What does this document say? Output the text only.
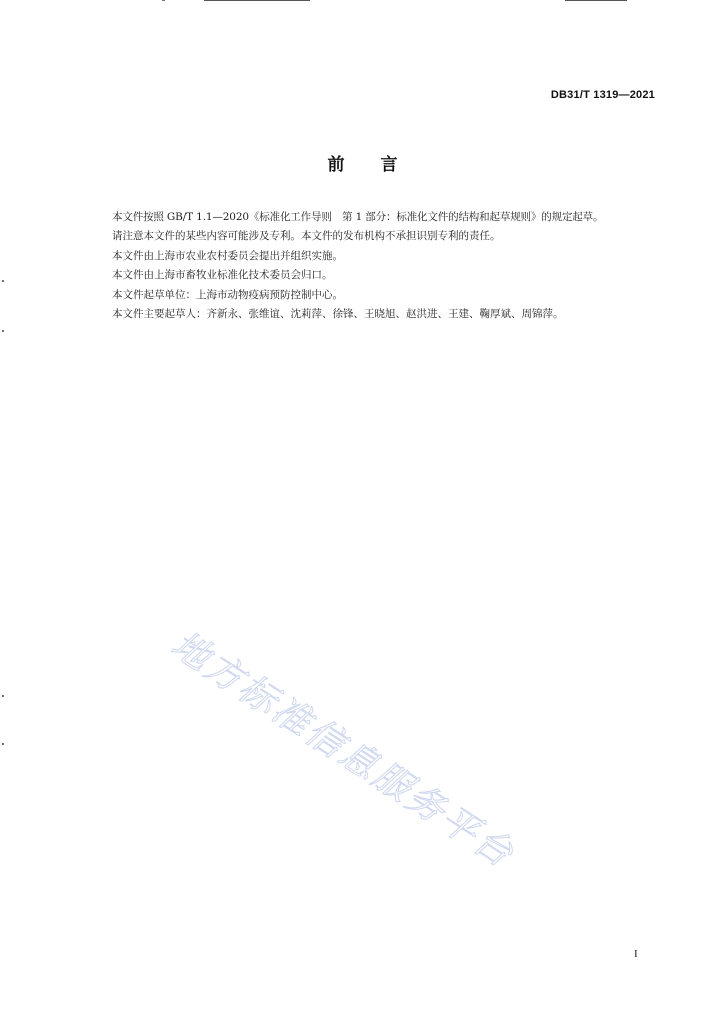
DB31/T 1319—2021
前言

本文件按照 GB/T 1.1—2020《标准化工作导则　第 1 部分：标准化文件的结构和起草规则》的规定起草。

请注意本文件的某些内容可能涉及专利。本文件的发布机构不承担识别专利的责任。

本文件由上海市农业农村委员会提出并组织实施。

本文件由上海市畜牧业标准化技术委员会归口。

本文件起草单位：上海市动物疫病预防控制中心。

本文件主要起草人：齐新永、张维谊、沈莉萍、徐锋、王晓旭、赵洪进、王建、鞠厚斌、周锦萍。

地方标准信息服务平台
I
